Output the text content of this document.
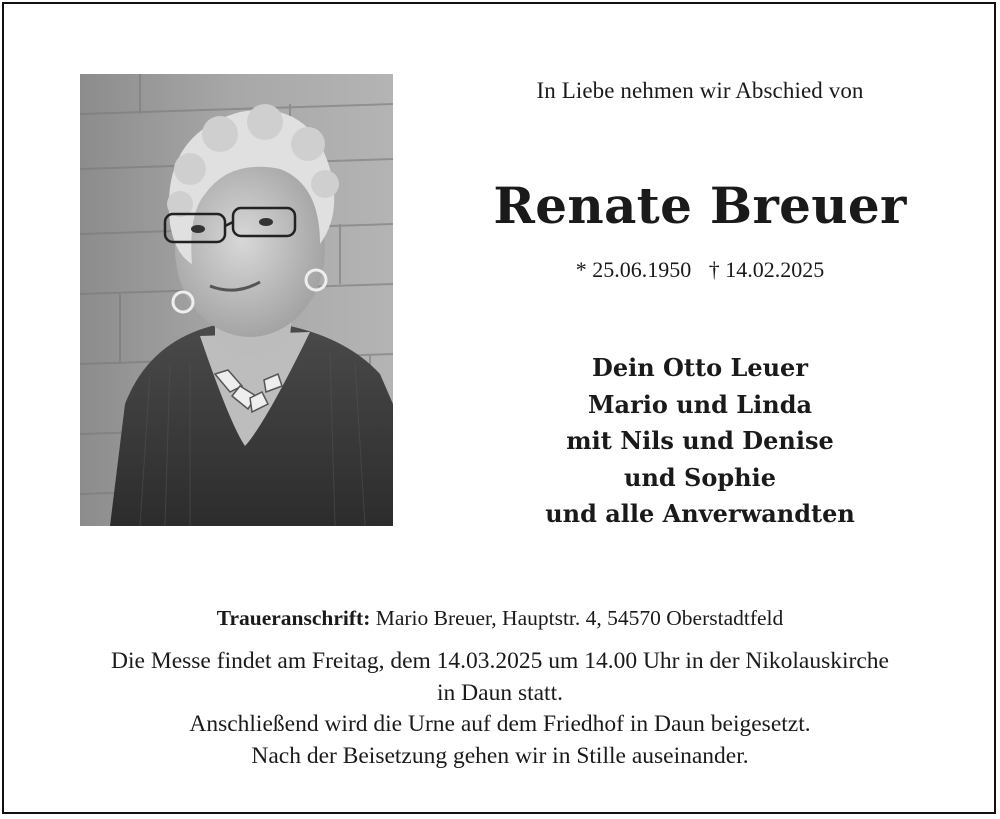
In Liebe nehmen wir Abschied von
Renate Breuer
* 25.06.1950 † 14.02.2025
Dein Otto Leuer
Mario und Linda
mit Nils und Denise
und Sophie
und alle Anverwandten
Traueranschrift: Mario Breuer, Hauptstr. 4, 54570 Oberstadtfeld
Die Messe findet am Freitag, dem 14.03.2025 um 14.00 Uhr in der Nikolauskirche
in Daun statt.
Anschließend wird die Urne auf dem Friedhof in Daun beigesetzt.
Nach der Beisetzung gehen wir in Stille auseinander.
